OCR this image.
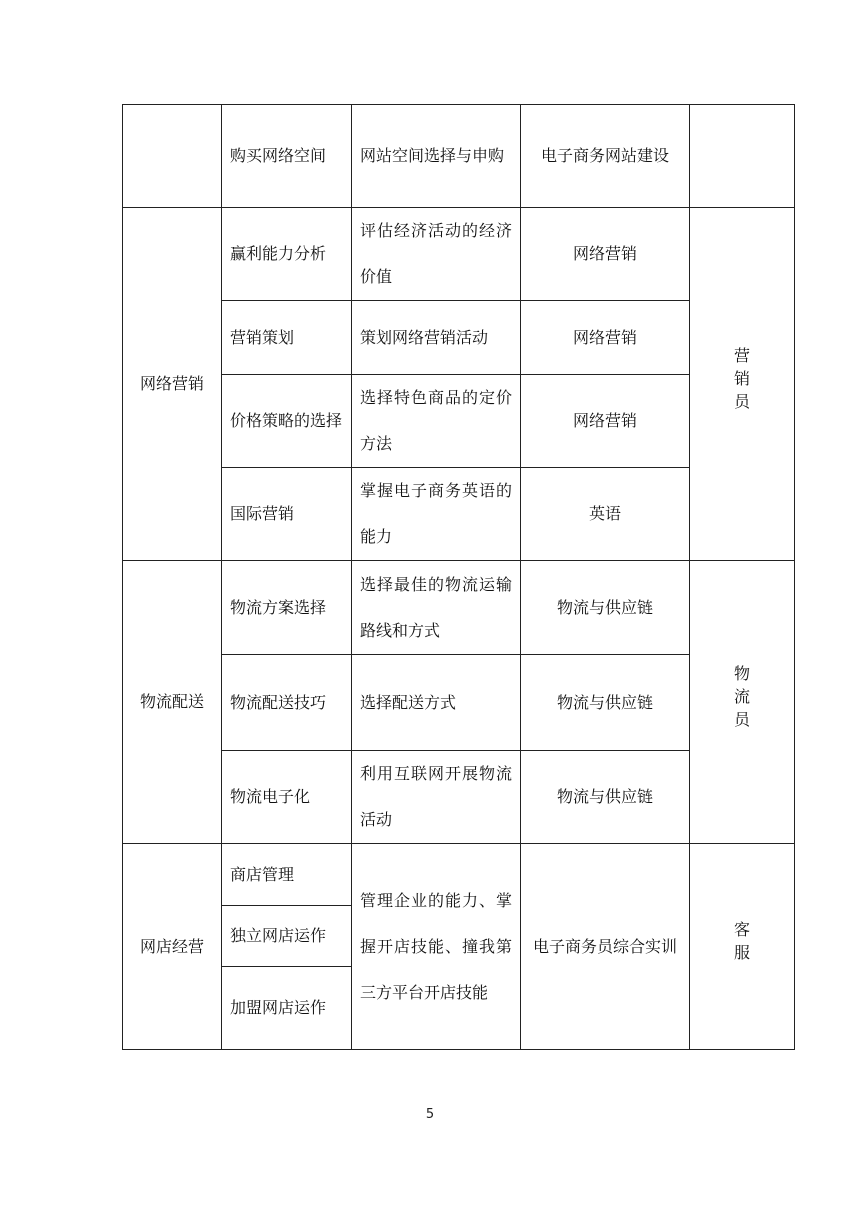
	购买网络空间	网站空间选择与申购	电子商务网站建设	
网络营销	赢利能力分析	评估经济活动的经济价值	网络营销	营销员
	营销策划	策划网络营销活动	网络营销	
	价格策略的选择	选择特色商品的定价方法	网络营销	
	国际营销	掌握电子商务英语的能力	英语	
物流配送	物流方案选择	选择最佳的物流运输路线和方式	物流与供应链	物流员
	物流配送技巧	选择配送方式	物流与供应链	
	物流电子化	利用互联网开展物流活动	物流与供应链	
网店经营	商店管理	管理企业的能力、掌握开店技能、撞我第三方平台开店技能	电子商务员综合实训	客服
	独立网店运作			
	加盟网店运作			
5
